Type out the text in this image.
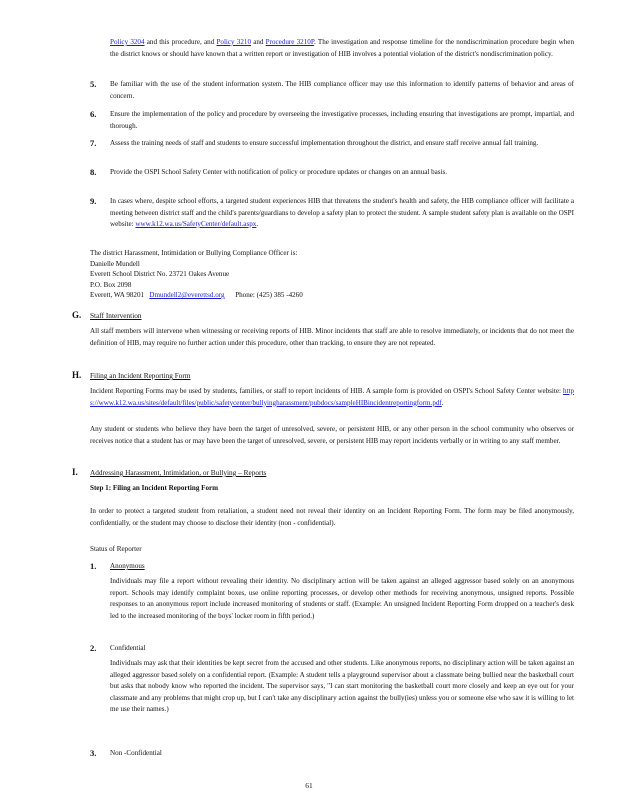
Policy 3204 and this procedure, and Policy 3210 and Procedure 3210P. The investigation and response timeline for the nondiscrimination procedure begin when the district knows or should have known that a written report or investigation of HIB involves a potential violation of the district's nondiscrimination policy.
5. Be familiar with the use of the student information system. The HIB compliance officer may use this information to identify patterns of behavior and areas of concern.
6. Ensure the implementation of the policy and procedure by overseeing the investigative processes, including ensuring that investigations are prompt, impartial, and thorough.
7. Assess the training needs of staff and students to ensure successful implementation throughout the district, and ensure staff receive annual fall training.
8. Provide the OSPI School Safety Center with notification of policy or procedure updates or changes on an annual basis.
9. In cases where, despite school efforts, a targeted student experiences HIB that threatens the student's health and safety, the HIB compliance officer will facilitate a meeting between district staff and the child's parents/guardians to develop a safety plan to protect the student. A sample student safety plan is available on the OSPI website: www.k12.wa.us/SafetyCenter/default.aspx.
The district Harassment, Intimidation or Bullying Compliance Officer is:
Danielle Mundell
Everett School District No. 23721 Oakes Avenue
P.O. Box 2098
Everett, WA 98201 Dmundell2@everettsd.org Phone: (425) 385 -4260
G. Staff Intervention
All staff members will intervene when witnessing or receiving reports of HIB. Minor incidents that staff are able to resolve immediately, or incidents that do not meet the definition of HIB, may require no further action under this procedure, other than tracking, to ensure they are not repeated.
H. Filing an Incident Reporting Form
Incident Reporting Forms may be used by students, families, or staff to report incidents of HIB. A sample form is provided on OSPI's School Safety Center website: https://www.k12.wa.us/sites/default/files/public/safetycenter/bullyingharassment/pubdocs/sampleHIBincidentreportingform.pdf.
Any student or students who believe they have been the target of unresolved, severe, or persistent HIB, or any other person in the school community who observes or receives notice that a student has or may have been the target of unresolved, severe, or persistent HIB may report incidents verbally or in writing to any staff member.
I. Addressing Harassment, Intimidation, or Bullying – Reports
Step 1: Filing an Incident Reporting Form
In order to protect a targeted student from retaliation, a student need not reveal their identity on an Incident Reporting Form. The form may be filed anonymously, confidentially, or the student may choose to disclose their identity (non - confidential).
Status of Reporter
1. Anonymous
Individuals may file a report without revealing their identity. No disciplinary action will be taken against an alleged aggressor based solely on an anonymous report. Schools may identify complaint boxes, use online reporting processes, or develop other methods for receiving anonymous, unsigned reports. Possible responses to an anonymous report include increased monitoring of students or staff. (Example: An unsigned Incident Reporting Form dropped on a teacher's desk led to the increased monitoring of the boys' locker room in fifth period.)
2. Confidential
Individuals may ask that their identities be kept secret from the accused and other students. Like anonymous reports, no disciplinary action will be taken against an alleged aggressor based solely on a confidential report. (Example: A student tells a playground supervisor about a classmate being bullied near the basketball court but asks that nobody know who reported the incident. The supervisor says, "I can start monitoring the basketball court more closely and keep an eye out for your classmate and any problems that might crop up, but I can't take any disciplinary action against the bully(ies) unless you or someone else who saw it is willing to let me use their names.)
3. Non -Confidential
61
